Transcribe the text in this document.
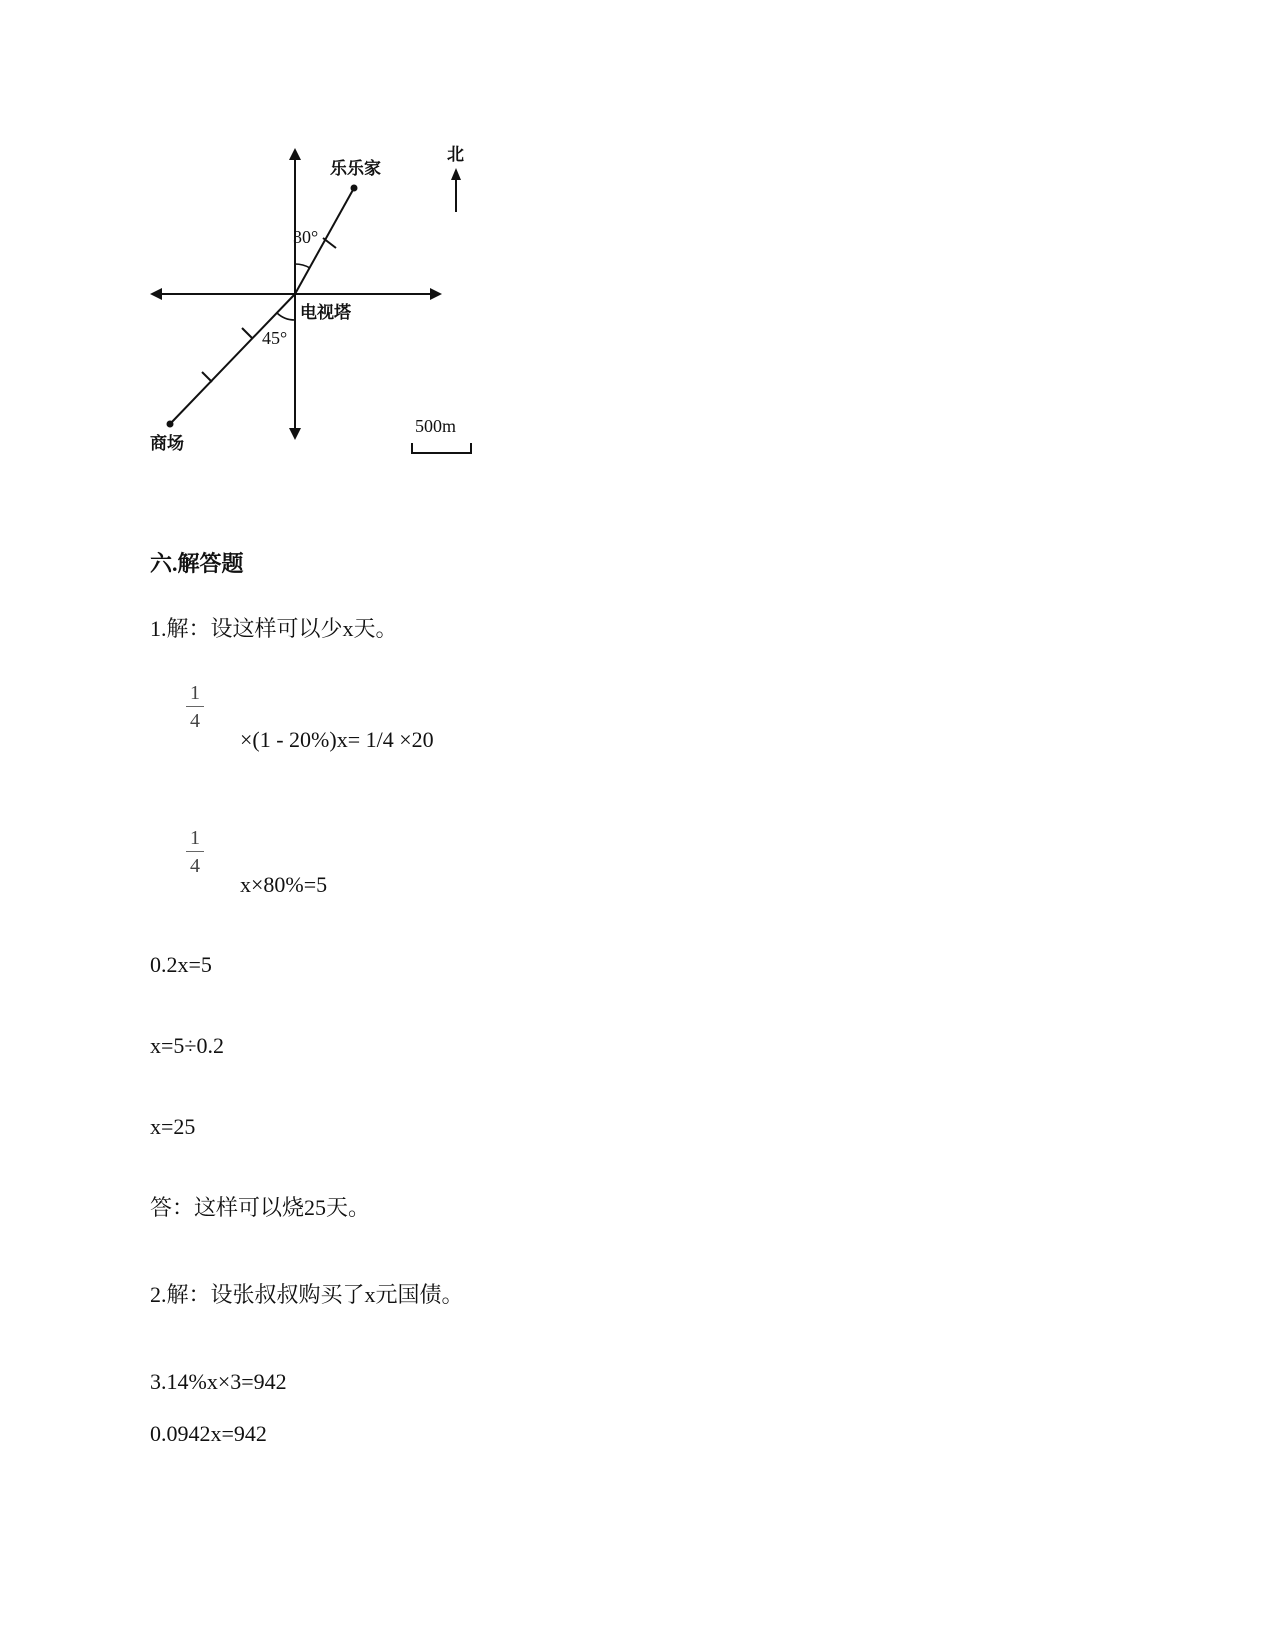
乐乐家
北
电视塔
商场
30°
45°
500m
六.解答题
1.解：设这样可以少x天。
1
4
×(1 - 20%)x= 1/4 ×20
1
4
x×80%=5
0.2x=5
x=5÷0.2
x=25
答：这样可以烧25天。
2.解：设张叔叔购买了x元国债。
3.14%x×3=942
0.0942x=942
